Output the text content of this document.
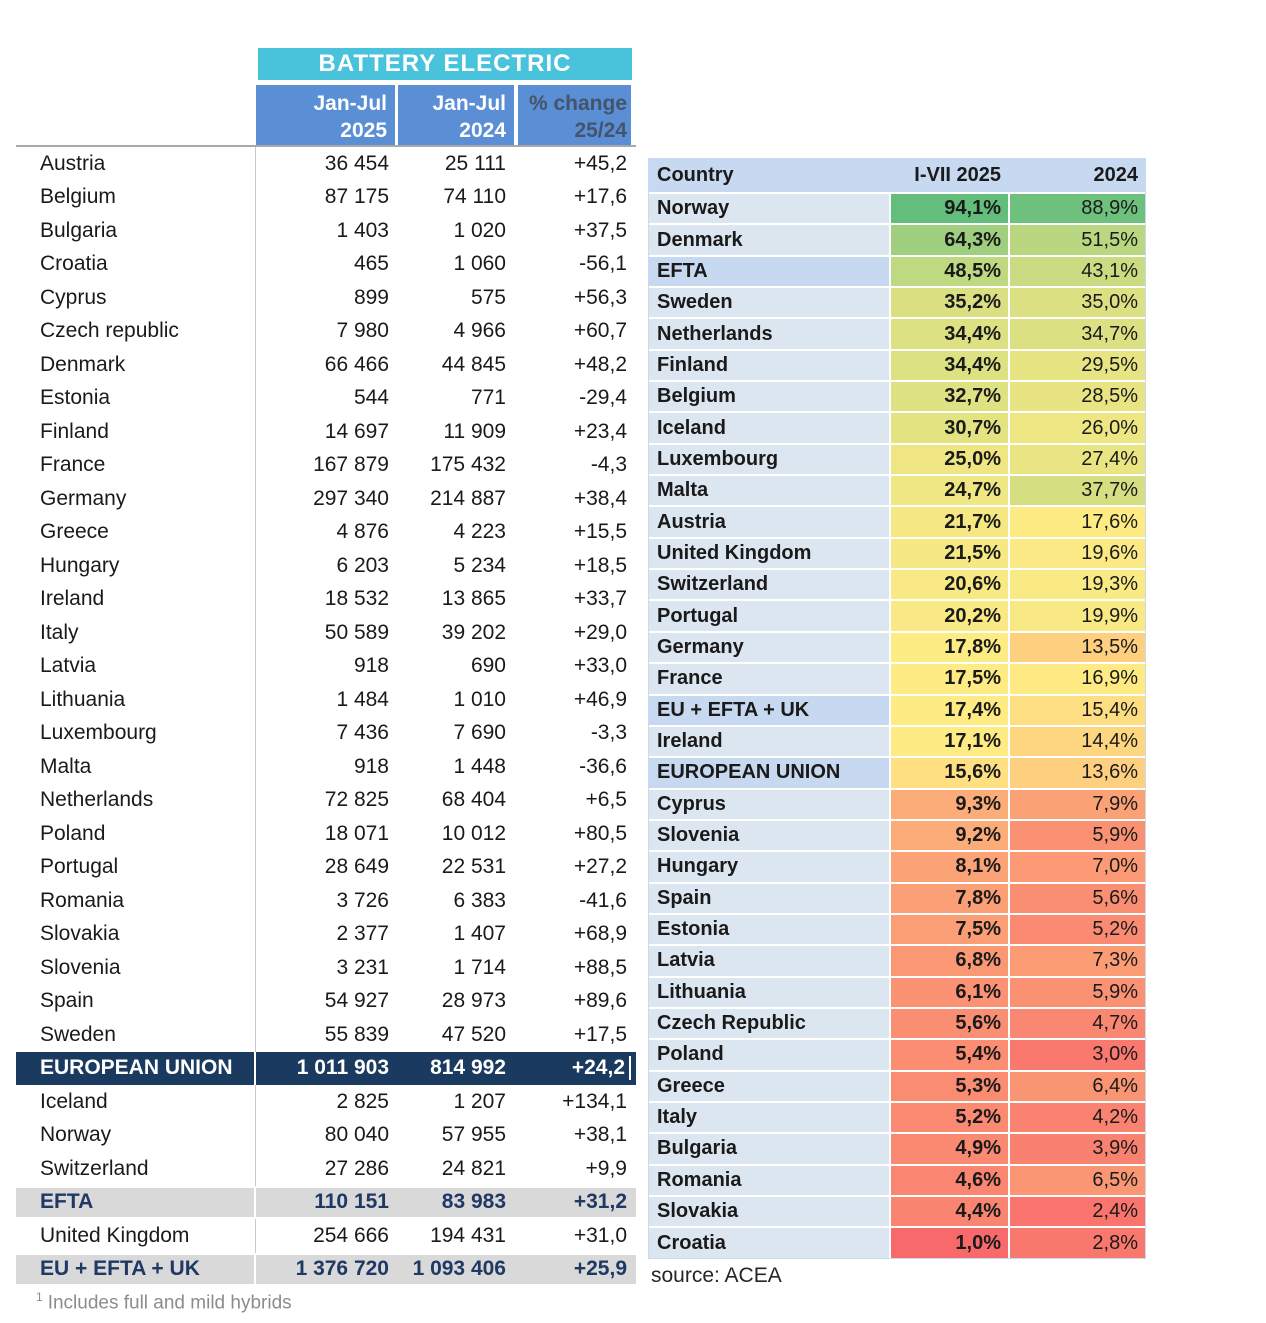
BATTERY ELECTRIC
Jan-Jul
2025
Jan-Jul
2024
% change
25/24
Austria	36 454	25 111	+45,2
Belgium	87 175	74 110	+17,6
Bulgaria	1 403	1 020	+37,5
Croatia	465	1 060	-56,1
Cyprus	899	575	+56,3
Czech republic	7 980	4 966	+60,7
Denmark	66 466	44 845	+48,2
Estonia	544	771	-29,4
Finland	14 697	11 909	+23,4
France	167 879	175 432	-4,3
Germany	297 340	214 887	+38,4
Greece	4 876	4 223	+15,5
Hungary	6 203	5 234	+18,5
Ireland	18 532	13 865	+33,7
Italy	50 589	39 202	+29,0
Latvia	918	690	+33,0
Lithuania	1 484	1 010	+46,9
Luxembourg	7 436	7 690	-3,3
Malta	918	1 448	-36,6
Netherlands	72 825	68 404	+6,5
Poland	18 071	10 012	+80,5
Portugal	28 649	22 531	+27,2
Romania	3 726	6 383	-41,6
Slovakia	2 377	1 407	+68,9
Slovenia	3 231	1 714	+88,5
Spain	54 927	28 973	+89,6
Sweden	55 839	47 520	+17,5
EUROPEAN UNION	1 011 903	814 992	+24,2
Iceland	2 825	1 207	+134,1
Norway	80 040	57 955	+38,1
Switzerland	27 286	24 821	+9,9
EFTA	110 151	83 983	+31,2
United Kingdom	254 666	194 431	+31,0
EU + EFTA + UK	1 376 720	1 093 406	+25,9
$^1$ Includes full and mild hybrids
Country	I-VII 2025	2024
Norway	94,1%	88,9%
Denmark	64,3%	51,5%
EFTA	48,5%	43,1%
Sweden	35,2%	35,0%
Netherlands	34,4%	34,7%
Finland	34,4%	29,5%
Belgium	32,7%	28,5%
Iceland	30,7%	26,0%
Luxembourg	25,0%	27,4%
Malta	24,7%	37,7%
Austria	21,7%	17,6%
United Kingdom	21,5%	19,6%
Switzerland	20,6%	19,3%
Portugal	20,2%	19,9%
Germany	17,8%	13,5%
France	17,5%	16,9%
EU + EFTA + UK	17,4%	15,4%
Ireland	17,1%	14,4%
EUROPEAN UNION	15,6%	13,6%
Cyprus	9,3%	7,9%
Slovenia	9,2%	5,9%
Hungary	8,1%	7,0%
Spain	7,8%	5,6%
Estonia	7,5%	5,2%
Latvia	6,8%	7,3%
Lithuania	6,1%	5,9%
Czech Republic	5,6%	4,7%
Poland	5,4%	3,0%
Greece	5,3%	6,4%
Italy	5,2%	4,2%
Bulgaria	4,9%	3,9%
Romania	4,6%	6,5%
Slovakia	4,4%	2,4%
Croatia	1,0%	2,8%
source: ACEA
